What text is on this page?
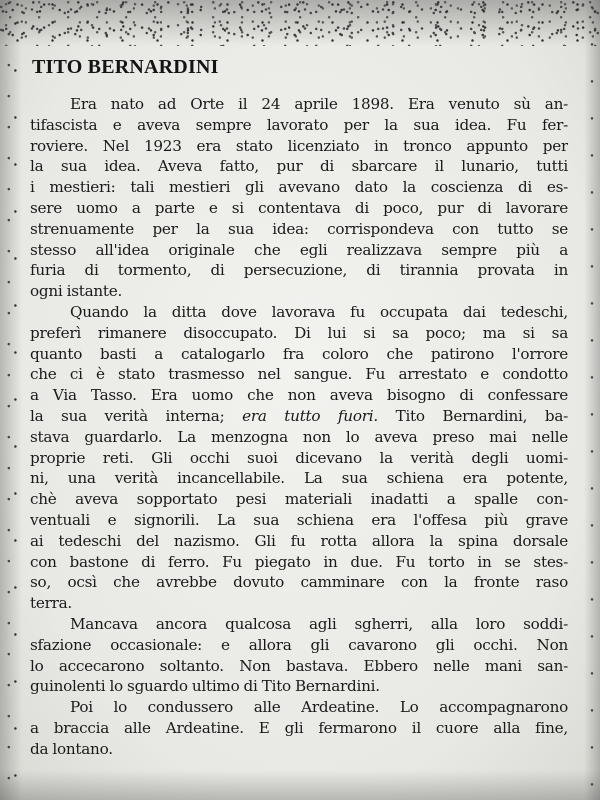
TITO BERNARDINI
Era nato ad Orte il 24 aprile 1898. Era venuto sù an-
tifascista e aveva sempre lavorato per la sua idea. Fu fer-
roviere. Nel 1923 era stato licenziato in tronco appunto per
la sua idea. Aveva fatto, pur di sbarcare il lunario, tutti
i mestieri: tali mestieri gli avevano dato la coscienza di es-
sere uomo a parte e si contentava di poco, pur di lavorare
strenuamente per la sua idea: corrispondeva con tutto se
stesso all'idea originale che egli realizzava sempre più a
furia di tormento, di persecuzione, di tirannia provata in
ogni istante.
Quando la ditta dove lavorava fu occupata dai tedeschi,
preferì rimanere disoccupato. Di lui si sa poco; ma si sa
quanto basti a catalogarlo fra coloro che patirono l'orrore
che ci è stato trasmesso nel sangue. Fu arrestato e condotto
a Via Tasso. Era uomo che non aveva bisogno di confessare
la sua verità interna; era tutto fuori. Tito Bernardini, ba-
stava guardarlo. La menzogna non lo aveva preso mai nelle
proprie reti. Gli occhi suoi dicevano la verità degli uomi-
ni, una verità incancellabile. La sua schiena era potente,
chè aveva sopportato pesi materiali inadatti a spalle con-
ventuali e signorili. La sua schiena era l'offesa più grave
ai tedeschi del nazismo. Gli fu rotta allora la spina dorsale
con bastone di ferro. Fu piegato in due. Fu torto in se stes-
so, ocsì che avrebbe dovuto camminare con la fronte raso
terra.
Mancava ancora qualcosa agli sgherri, alla loro soddi-
sfazione occasionale: e allora gli cavarono gli occhi. Non
lo accecarono soltanto. Non bastava. Ebbero nelle mani san-
guinolenti lo sguardo ultimo di Tito Bernardini.
Poi lo condussero alle Ardeatine. Lo accompagnarono
a braccia alle Ardeatine. E gli fermarono il cuore alla fine,
da lontano.
